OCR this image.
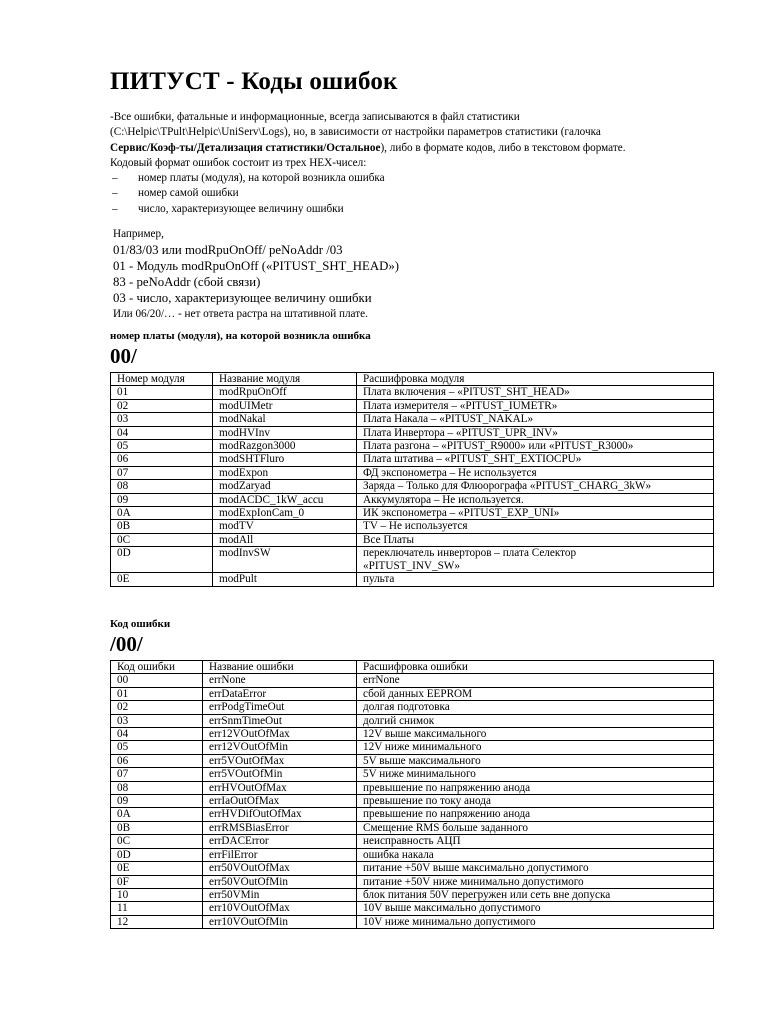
ПИТУСТ - Коды ошибок

-Все ошибки, фатальные и информационные, всегда записываются в файл статистики

(C:\Helpic\TPult\Helpic\UniServ\Logs), но, в зависимости от настройки параметров статистики (галочка

Сервис/Коэф-ты/Детализация статистики/Остальное), либо в формате кодов, либо в текстовом формате.

Кодовый формат ошибок состоит из трех HEX-чисел:

– номер платы (модуля), на которой возникла ошибка
– номер самой ошибки
– число, характеризующее величину ошибки

Например,

01/83/03 или modRpuOnOff/ peNoAddr /03

01 - Модуль modRpuOnOff («PITUST_SHT_HEAD»)

83 - peNoAddr (сбой связи)

03 - число, характеризующее величину ошибки

Или 06/20/… - нет ответа растра на штативной плате.

номер платы (модуля), на которой возникла ошибка

00/

Номер модуля	Название модуля	Расшифровка модуля
01	modRpuOnOff	Плата включения – «PITUST_SHT_HEAD»
02	modUIMetr	Плата измерителя – «PITUST_IUMETR»
03	modNakal	Плата Накала – «PITUST_NAKAL»
04	modHVInv	Плата Инвертора – «PITUST_UPR_INV»
05	modRazgon3000	Плата разгона – «PITUST_R9000» или «PITUST_R3000»
06	modSHTFluro	Плата штатива – «PITUST_SHT_EXTIOCPU»
07	modExpon	ФД экспонометра – Не используется
08	modZaryad	Заряда – Только для Флюорографа «PITUST_CHARG_3kW»
09	modACDC_1kW_accu	Аккумулятора – Не используется.
0A	modExpIonCam_0	ИК экспонометра – «PITUST_EXP_UNI»
0B	modTV	TV – Не используется
0C	modAll	Все Платы
0D	modInvSW	переключатель инверторов – плата Селектор
«PITUST_INV_SW»
0E	modPult	пульта

Код ошибки

/00/

Код ошибки	Название ошибки	Расшифровка ошибки
00	errNone	errNone
01	errDataError	сбой данных EEPROM
02	errPodgTimeOut	долгая подготовка
03	errSnmTimeOut	долгий снимок
04	err12VOutOfMax	12V выше максимального
05	err12VOutOfMin	12V ниже минимального
06	err5VOutOfMax	5V выше максимального
07	err5VOutOfMin	5V ниже минимального
08	errHVOutOfMax	превышение по напряжению анода
09	errIaOutOfMax	превышение по току анода
0A	errHVDifOutOfMax	превышение по напряжению анода
0B	errRMSBiasError	Смещение RMS больше заданного
0C	errDACError	неисправность АЦП
0D	errFilError	ошибка накала
0E	err50VOutOfMax	питание +50V выше максимально допустимого
0F	err50VOutOfMin	питание +50V ниже минимально допустимого
10	err50VMin	блок питания 50V перегружен или сеть вне допуска
11	err10VOutOfMax	10V выше максимально допустимого
12	err10VOutOfMin	10V ниже минимально допустимого
